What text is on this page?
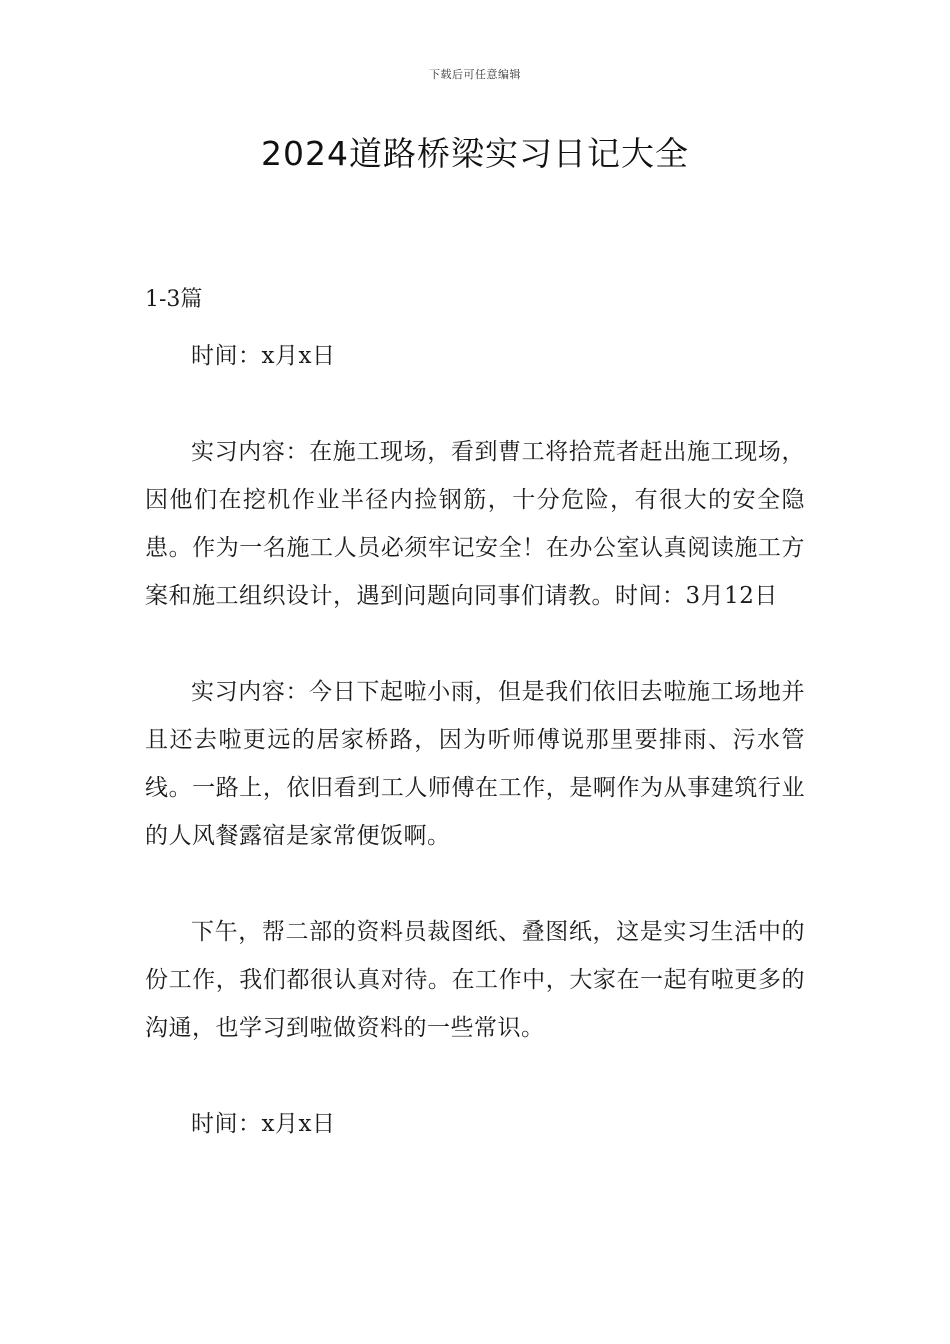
下载后可任意编辑
2024道路桥梁实习日记大全

1-3篇

时间：x月x日

实习内容：在施工现场，看到曹工将拾荒者赶出施工现场，因他们在挖机作业半径内捡钢筋，十分危险，有很大的安全隐患。作为一名施工人员必须牢记安全！在办公室认真阅读施工方案和施工组织设计，遇到问题向同事们请教。时间：3月12日

实习内容：今日下起啦小雨，但是我们依旧去啦施工场地并且还去啦更远的居家桥路，因为听师傅说那里要排雨、污水管线。一路上，依旧看到工人师傅在工作，是啊作为从事建筑行业的人风餐露宿是家常便饭啊。

下午，帮二部的资料员裁图纸、叠图纸，这是实习生活中的份工作，我们都很认真对待。在工作中，大家在一起有啦更多的沟通，也学习到啦做资料的一些常识。

时间：x月x日
